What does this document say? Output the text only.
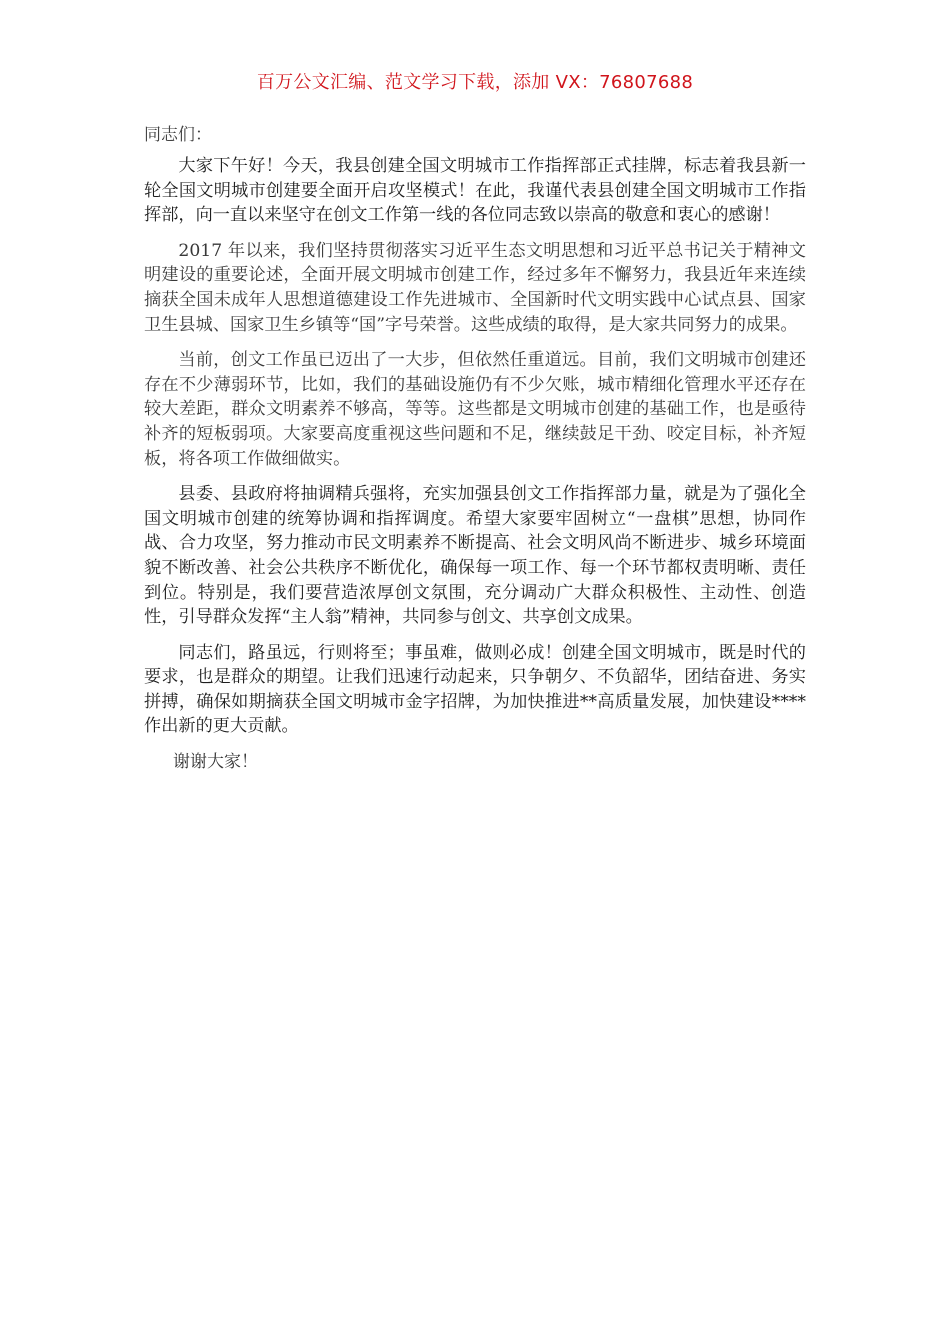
百万公文汇编、范文学习下载，添加 VX：76807688
同志们：

大家下午好！今天，我县创建全国文明城市工作指挥部正式挂牌，标志着我县新一轮全国文明城市创建要全面开启攻坚模式！在此，我谨代表县创建全国文明城市工作指挥部，向一直以来坚守在创文工作第一线的各位同志致以崇高的敬意和衷心的感谢！

2017 年以来，我们坚持贯彻落实习近平生态文明思想和习近平总书记关于精神文明建设的重要论述，全面开展文明城市创建工作，经过多年不懈努力，我县近年来连续摘获全国未成年人思想道德建设工作先进城市、全国新时代文明实践中心试点县、国家卫生县城、国家卫生乡镇等“国”字号荣誉。这些成绩的取得，是大家共同努力的成果。

当前，创文工作虽已迈出了一大步，但依然任重道远。目前，我们文明城市创建还存在不少薄弱环节，比如，我们的基础设施仍有不少欠账，城市精细化管理水平还存在较大差距，群众文明素养不够高，等等。这些都是文明城市创建的基础工作，也是亟待补齐的短板弱项。大家要高度重视这些问题和不足，继续鼓足干劲、咬定目标，补齐短板，将各项工作做细做实。

县委、县政府将抽调精兵强将，充实加强县创文工作指挥部力量，就是为了强化全国文明城市创建的统筹协调和指挥调度。希望大家要牢固树立“一盘棋”思想，协同作战、合力攻坚，努力推动市民文明素养不断提高、社会文明风尚不断进步、城乡环境面貌不断改善、社会公共秩序不断优化，确保每一项工作、每一个环节都权责明晰、责任到位。特别是，我们要营造浓厚创文氛围，充分调动广大群众积极性、主动性、创造性，引导群众发挥“主人翁”精神，共同参与创文、共享创文成果。

同志们，路虽远，行则将至；事虽难，做则必成！创建全国文明城市，既是时代的要求，也是群众的期望。让我们迅速行动起来，只争朝夕、不负韶华，团结奋进、务实拼搏，确保如期摘获全国文明城市金字招牌，为加快推进**高质量发展，加快建设****作出新的更大贡献。

谢谢大家！
